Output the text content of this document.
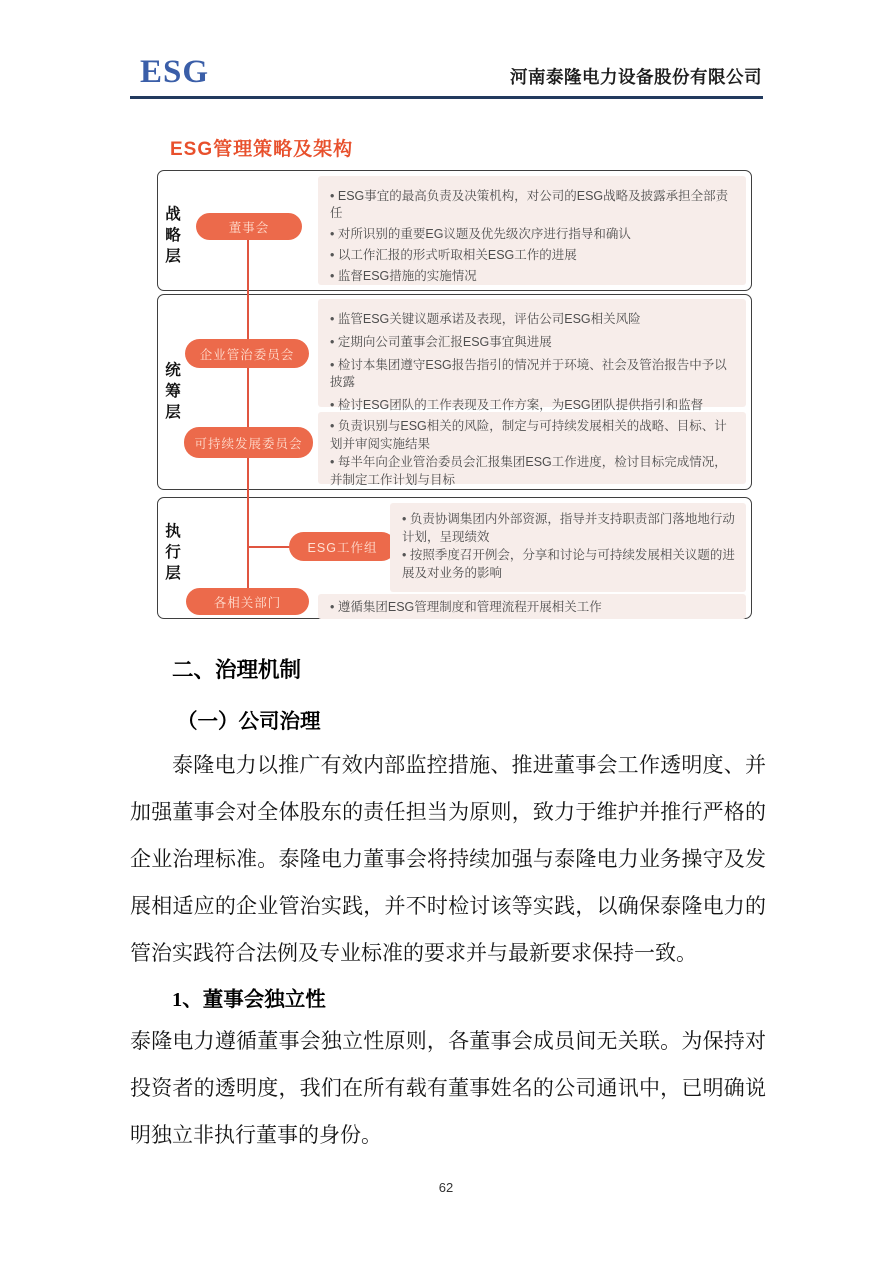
ESG	河南泰隆电力设备股份有限公司
ESG管理策略及架构
战略层
统筹层
执行层
董事会
企业管治委员会
可持续发展委员会
ESG工作组
各相关部门
• ESG事宜的最高负责及决策机构，对公司的ESG战略及披露承担全部责任
• 对所识别的重要EG议题及优先级次序进行指导和确认
• 以工作汇报的形式听取相关ESG工作的进展
• 监督ESG措施的实施情况
• 监管ESG关键议题承诺及表现，评估公司ESG相关风险
• 定期向公司董事会汇报ESG事宜與进展
• 检讨本集团遵守ESG报告指引的情况并于环境、社会及管治报告中予以披露
• 检讨ESG团队的工作表现及工作方案，为ESG团队提供指引和监督
• 负责识别与ESG相关的风险，制定与可持续发展相关的战略、目标、计划并审阅实施结果
• 每半年向企业管治委员会汇报集团ESG工作进度，检讨目标完成情况，并制定工作计划与目标
• 负责协调集团内外部资源，指导并支持职责部门落地地行动计划，呈现绩效
• 按照季度召开例会，分享和讨论与可持续发展相关议题的进展及对业务的影响
• 遵循集团ESG管理制度和管理流程开展相关工作
二、治理机制
（一）公司治理
泰隆电力以推广有效内部监控措施、推进董事会工作透明度、并加强董事会对全体股东的责任担当为原则，致力于维护并推行严格的企业治理标准。泰隆电力董事会将持续加强与泰隆电力业务操守及发展相适应的企业管治实践，并不时检讨该等实践，以确保泰隆电力的管治实践符合法例及专业标准的要求并与最新要求保持一致。
1、董事会独立性
泰隆电力遵循董事会独立性原则，各董事会成员间无关联。为保持对投资者的透明度，我们在所有载有董事姓名的公司通讯中，已明确说明独立非执行董事的身份。
62
